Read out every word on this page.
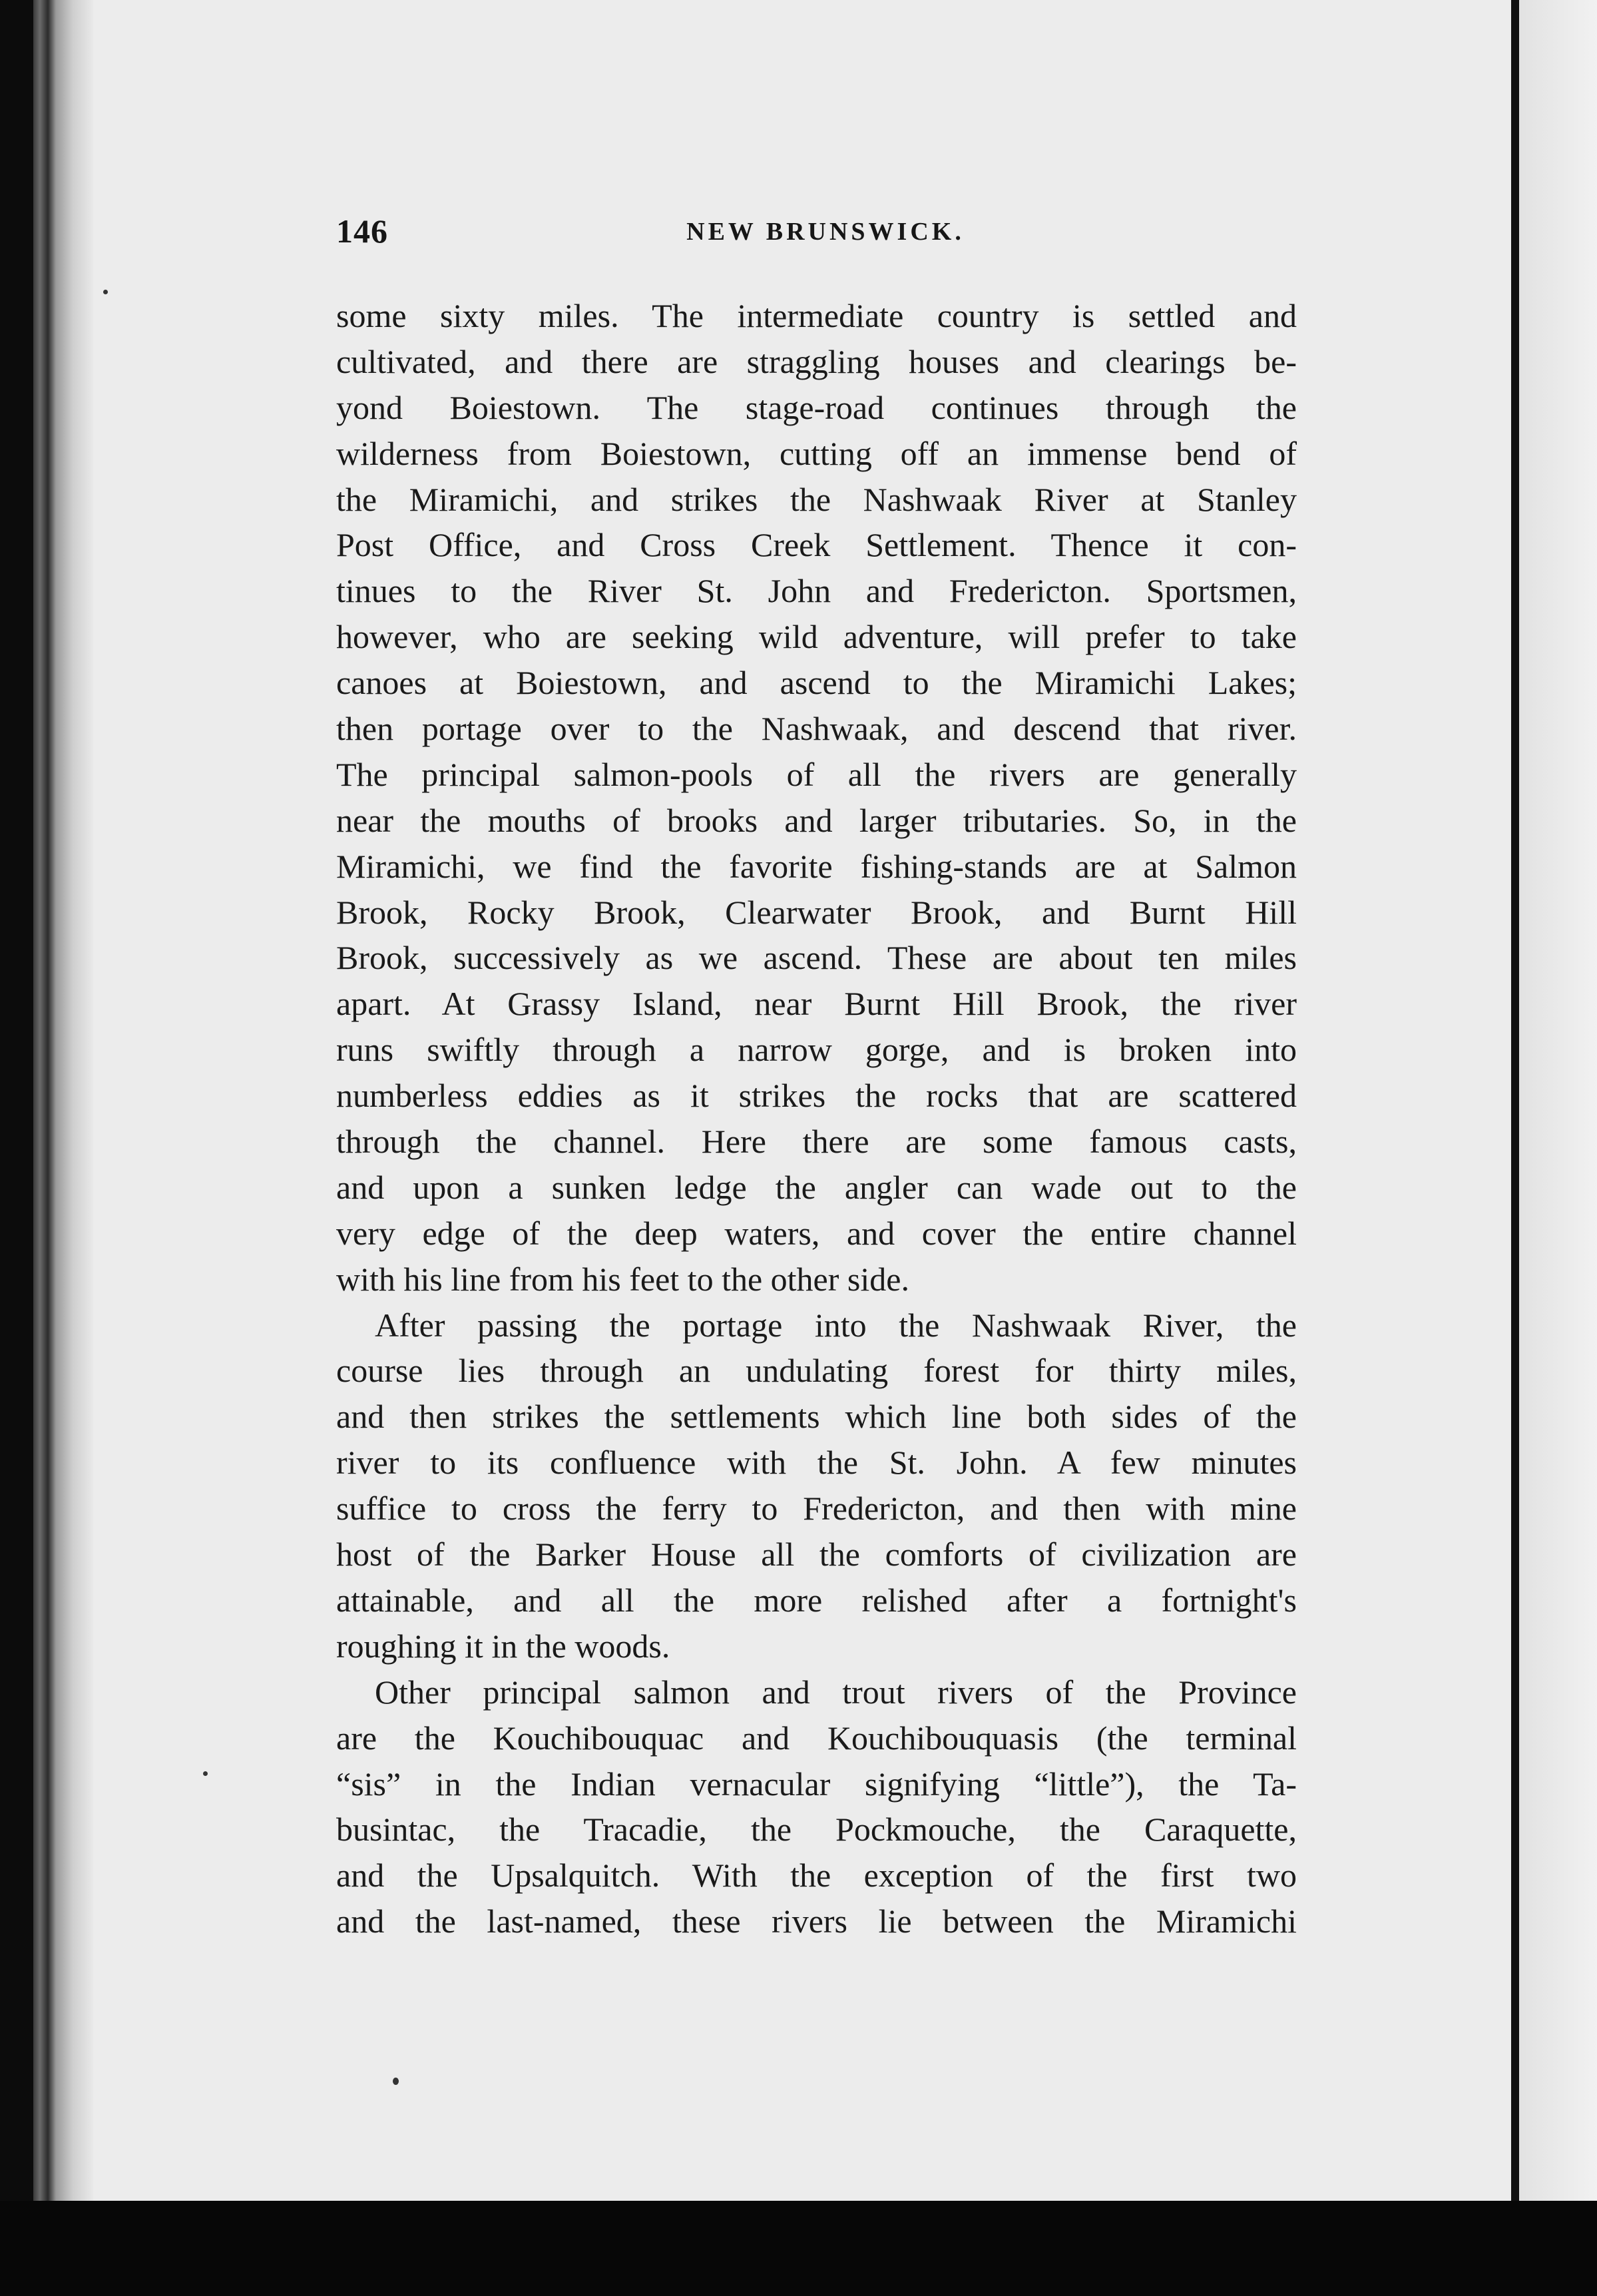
146	NEW BRUNSWICK.
some sixty miles. The intermediate country is settled and
cultivated, and there are straggling houses and clearings be-
yond Boiestown. The stage-road continues through the
wilderness from Boiestown, cutting off an immense bend of
the Miramichi, and strikes the Nashwaak River at Stanley
Post Office, and Cross Creek Settlement. Thence it con-
tinues to the River St. John and Fredericton. Sportsmen,
however, who are seeking wild adventure, will prefer to take
canoes at Boiestown, and ascend to the Miramichi Lakes;
then portage over to the Nashwaak, and descend that river.
The principal salmon-pools of all the rivers are generally
near the mouths of brooks and larger tributaries. So, in the
Miramichi, we find the favorite fishing-stands are at Salmon
Brook, Rocky Brook, Clearwater Brook, and Burnt Hill
Brook, successively as we ascend. These are about ten miles
apart. At Grassy Island, near Burnt Hill Brook, the river
runs swiftly through a narrow gorge, and is broken into
numberless eddies as it strikes the rocks that are scattered
through the channel. Here there are some famous casts,
and upon a sunken ledge the angler can wade out to the
very edge of the deep waters, and cover the entire channel
with his line from his feet to the other side.
After passing the portage into the Nashwaak River, the
course lies through an undulating forest for thirty miles,
and then strikes the settlements which line both sides of the
river to its confluence with the St. John. A few minutes
suffice to cross the ferry to Fredericton, and then with mine
host of the Barker House all the comforts of civilization are
attainable, and all the more relished after a fortnight's
roughing it in the woods.
Other principal salmon and trout rivers of the Province
are the Kouchibouquac and Kouchibouquasis (the terminal
“sis” in the Indian vernacular signifying “little”), the Ta-
busintac, the Tracadie, the Pockmouche, the Caraquette,
and the Upsalquitch. With the exception of the first two
and the last-named, these rivers lie between the Miramichi
